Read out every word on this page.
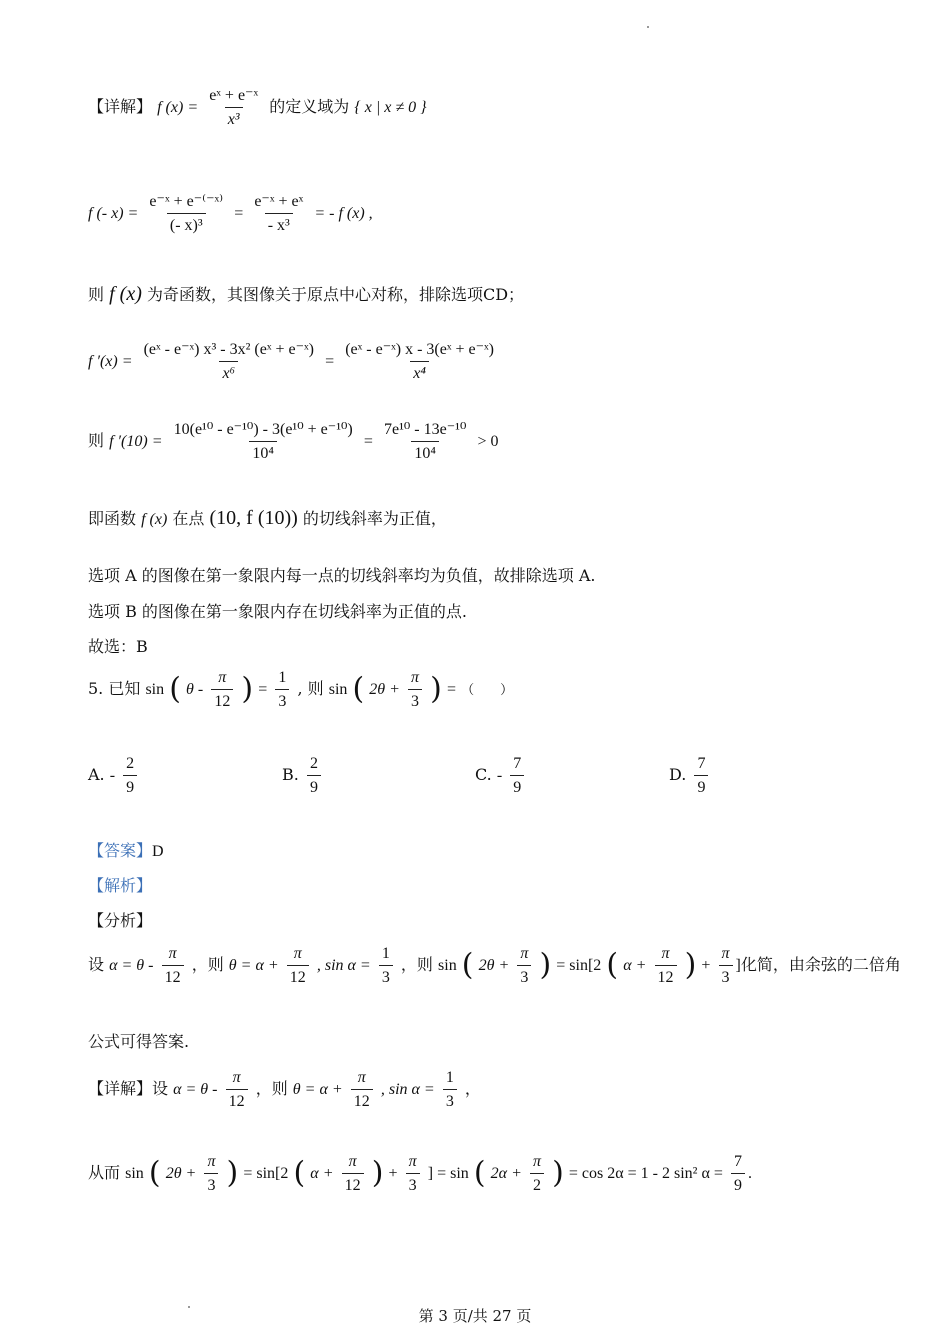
【详解】 f $(x) = \frac{\text{eˣ + e⁻ˣ}}{\text{x³}}$ 的定义域为 { x | x ≠ 0 }
f (- $x) = \frac{\text{e⁻ˣ + e⁻⁽⁻ˣ⁾}}{\text{(- x)³}} = \frac{\text{e⁻ˣ + eˣ}}{\text{- x³}}$ = - f (x) ,
则 f (x) 为奇函数，其图像关于原点中心对称，排除选项CD；
f $'(x) = \frac{\text{(eˣ - e⁻ˣ) x³ - 3x² (eˣ + e⁻ˣ)}}{\text{x⁶}} = \frac{\text{(eˣ - e⁻ˣ) x - 3(eˣ + e⁻ˣ)}}{\text{x⁴}}$
则 f $'(10) = \frac{\text{10(e¹⁰ - e⁻¹⁰) - 3(e¹⁰ + e⁻¹⁰)}}{\text{10⁴}} = \frac{\text{7e¹⁰ - 13e⁻¹⁰}}{\text{10⁴}} > 0$
即函数 f (x) 在点 (10, f (10)) 的切线斜率为正值，
选项 A 的图像在第一象限内每一点的切线斜率均为负值，故排除选项 A.
选项 B 的图像在第一象限内存在切线斜率为正值的点.
故选：B
5. 已知 sin ( θ - $\frac{\pi}{12}$ ) = $\frac{1}{3}$ , 则 sin ( $2\theta + \frac{\pi}{3}$ ) = （　　）
A. - $\frac{2}{9}$	B. $\frac{2}{9}$	C. - $\frac{7}{9}$	D. $\frac{7}{9}$
【答案】D
【解析】
【分析】
设 $\alpha = \theta - \frac{\pi}{12}$ ，则 $\theta = \alpha + \frac{\pi}{12}$ , $\sin \alpha = \frac{1}{3}$ ，则 sin ( $2\theta + \frac{\pi}{3}$ ) = sin[2 ( $\alpha + \frac{\pi}{12}$ ) + $\frac{\pi}{3}$ ]化简，由余弦的二倍角
公式可得答案.
【详解】设 $\alpha = \theta - \frac{\pi}{12}$ ，则 $\theta = \alpha + \frac{\pi}{12}$ , $\sin \alpha = \frac{1}{3}$ ，
从而 sin ( $2\theta + \frac{\pi}{3}$ ) = sin[2 ( $\alpha + \frac{\pi}{12}$ ) + $\frac{\pi}{3}$ ] = sin ( $2\alpha + \frac{\pi}{2}$ ) = cos 2α = 1 - 2 sin² $\alpha = \frac{7}{9}$ .
第 3 页/共 27 页
